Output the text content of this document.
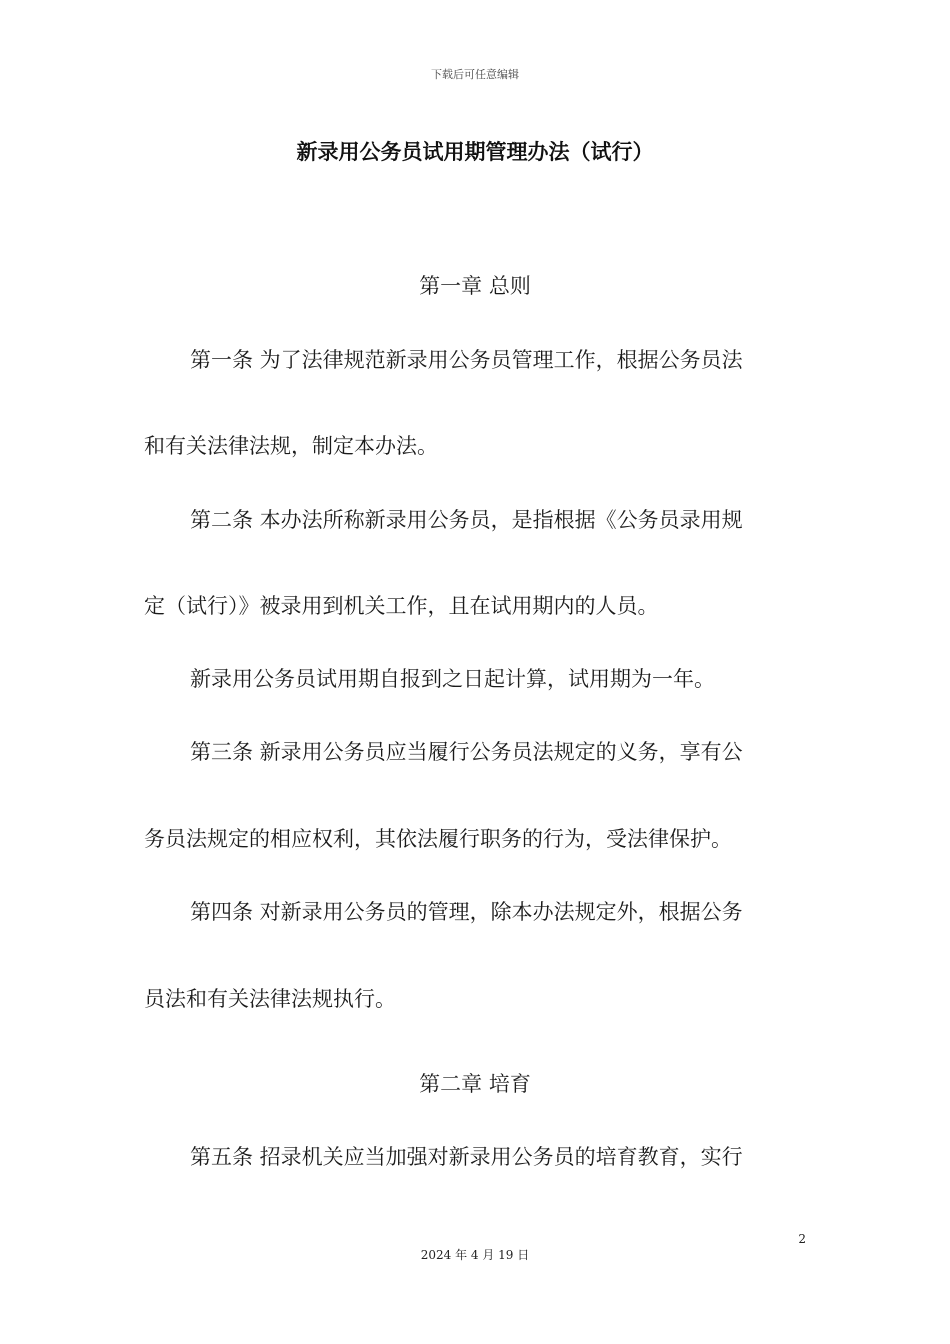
下载后可任意编辑
新录用公务员试用期管理办法（试行）
第一章 总则
第一条 为了法律规范新录用公务员管理工作，根据公务员法
和有关法律法规，制定本办法。
第二条 本办法所称新录用公务员，是指根据《公务员录用规
定（试行）》被录用到机关工作，且在试用期内的人员。
新录用公务员试用期自报到之日起计算，试用期为一年。
第三条 新录用公务员应当履行公务员法规定的义务，享有公
务员法规定的相应权利，其依法履行职务的行为，受法律保护。
第四条 对新录用公务员的管理，除本办法规定外，根据公务
员法和有关法律法规执行。
第二章 培育
第五条 招录机关应当加强对新录用公务员的培育教育，实行
2
2024 年 4 月 19 日
